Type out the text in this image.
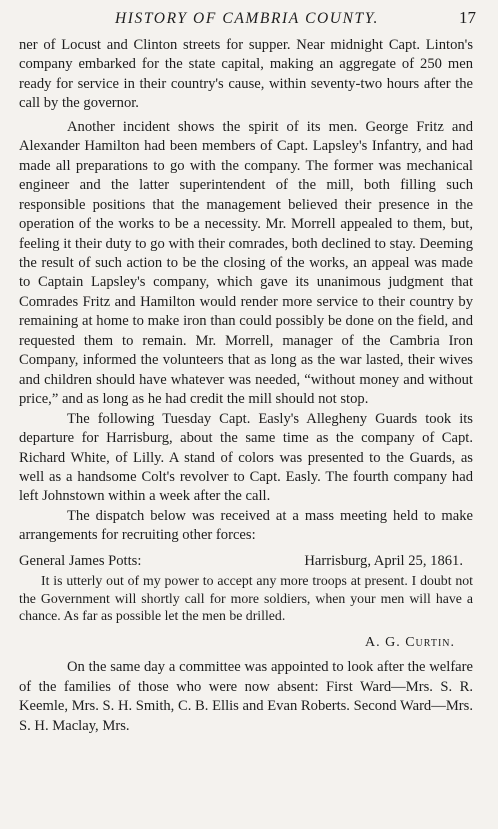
HISTORY OF CAMBRIA COUNTY.	17

ner of Locust and Clinton streets for supper. Near midnight Capt. Linton's company embarked for the state capital, making an aggregate of 250 men ready for service in their country's cause, within seventy-two hours after the call by the governor.

Another incident shows the spirit of its men. George Fritz and Alexander Hamilton had been members of Capt. Lapsley's Infantry, and had made all preparations to go with the company. The former was mechanical engineer and the latter superintendent of the mill, both filling such responsible positions that the management believed their presence in the operation of the works to be a necessity. Mr. Morrell appealed to them, but, feeling it their duty to go with their comrades, both declined to stay. Deeming the result of such action to be the closing of the works, an appeal was made to Captain Lapsley's company, which gave its unanimous judgment that Comrades Fritz and Hamilton would render more service to their country by remaining at home to make iron than could possibly be done on the field, and requested them to remain. Mr. Morrell, manager of the Cambria Iron Company, informed the volunteers that as long as the war lasted, their wives and children should have whatever was needed, “without money and without price,” and as long as he had credit the mill should not stop.

The following Tuesday Capt. Easly's Allegheny Guards took its departure for Harrisburg, about the same time as the company of Capt. Richard White, of Lilly. A stand of colors was presented to the Guards, as well as a handsome Colt's revolver to Capt. Easly. The fourth company had left Johnstown within a week after the call.

The dispatch below was received at a mass meeting held to make arrangements for recruiting other forces:

General James Potts:	Harrisburg, April 25, 1861.

It is utterly out of my power to accept any more troops at present. I doubt not the Government will shortly call for more soldiers, when your men will have a chance. As far as possible let the men be drilled.

A. G. Curtin.

On the same day a committee was appointed to look after the welfare of the families of those who were now absent: First Ward—Mrs. S. R. Keemle, Mrs. S. H. Smith, C. B. Ellis and Evan Roberts. Second Ward—Mrs. S. H. Maclay, Mrs.
